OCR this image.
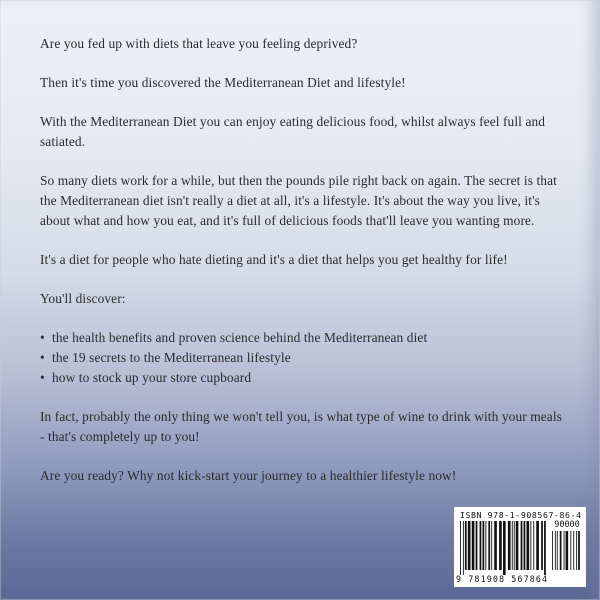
Are you fed up with diets that leave you feeling deprived?

Then it's time you discovered the Mediterranean Diet and lifestyle!

With the Mediterranean Diet you can enjoy eating delicious food, whilst always feel full and satiated.

So many diets work for a while, but then the pounds pile right back on again. The secret is that the Mediterranean diet isn't really a diet at all, it's a lifestyle. It's about the way you live, it's about what and how you eat, and it's full of delicious foods that'll leave you wanting more.

It's a diet for people who hate dieting and it's a diet that helps you get healthy for life!

You'll discover:

• the health benefits and proven science behind the Mediterranean diet
• the 19 secrets to the Mediterranean lifestyle
• how to stock up your store cupboard

In fact, probably the only thing we won't tell you, is what type of wine to drink with your meals - that's completely up to you!

Are you ready? Why not kick-start your journey to a healthier lifestyle now!

ISBN 978-1-908567-86-4
90000
9 781908 567864
